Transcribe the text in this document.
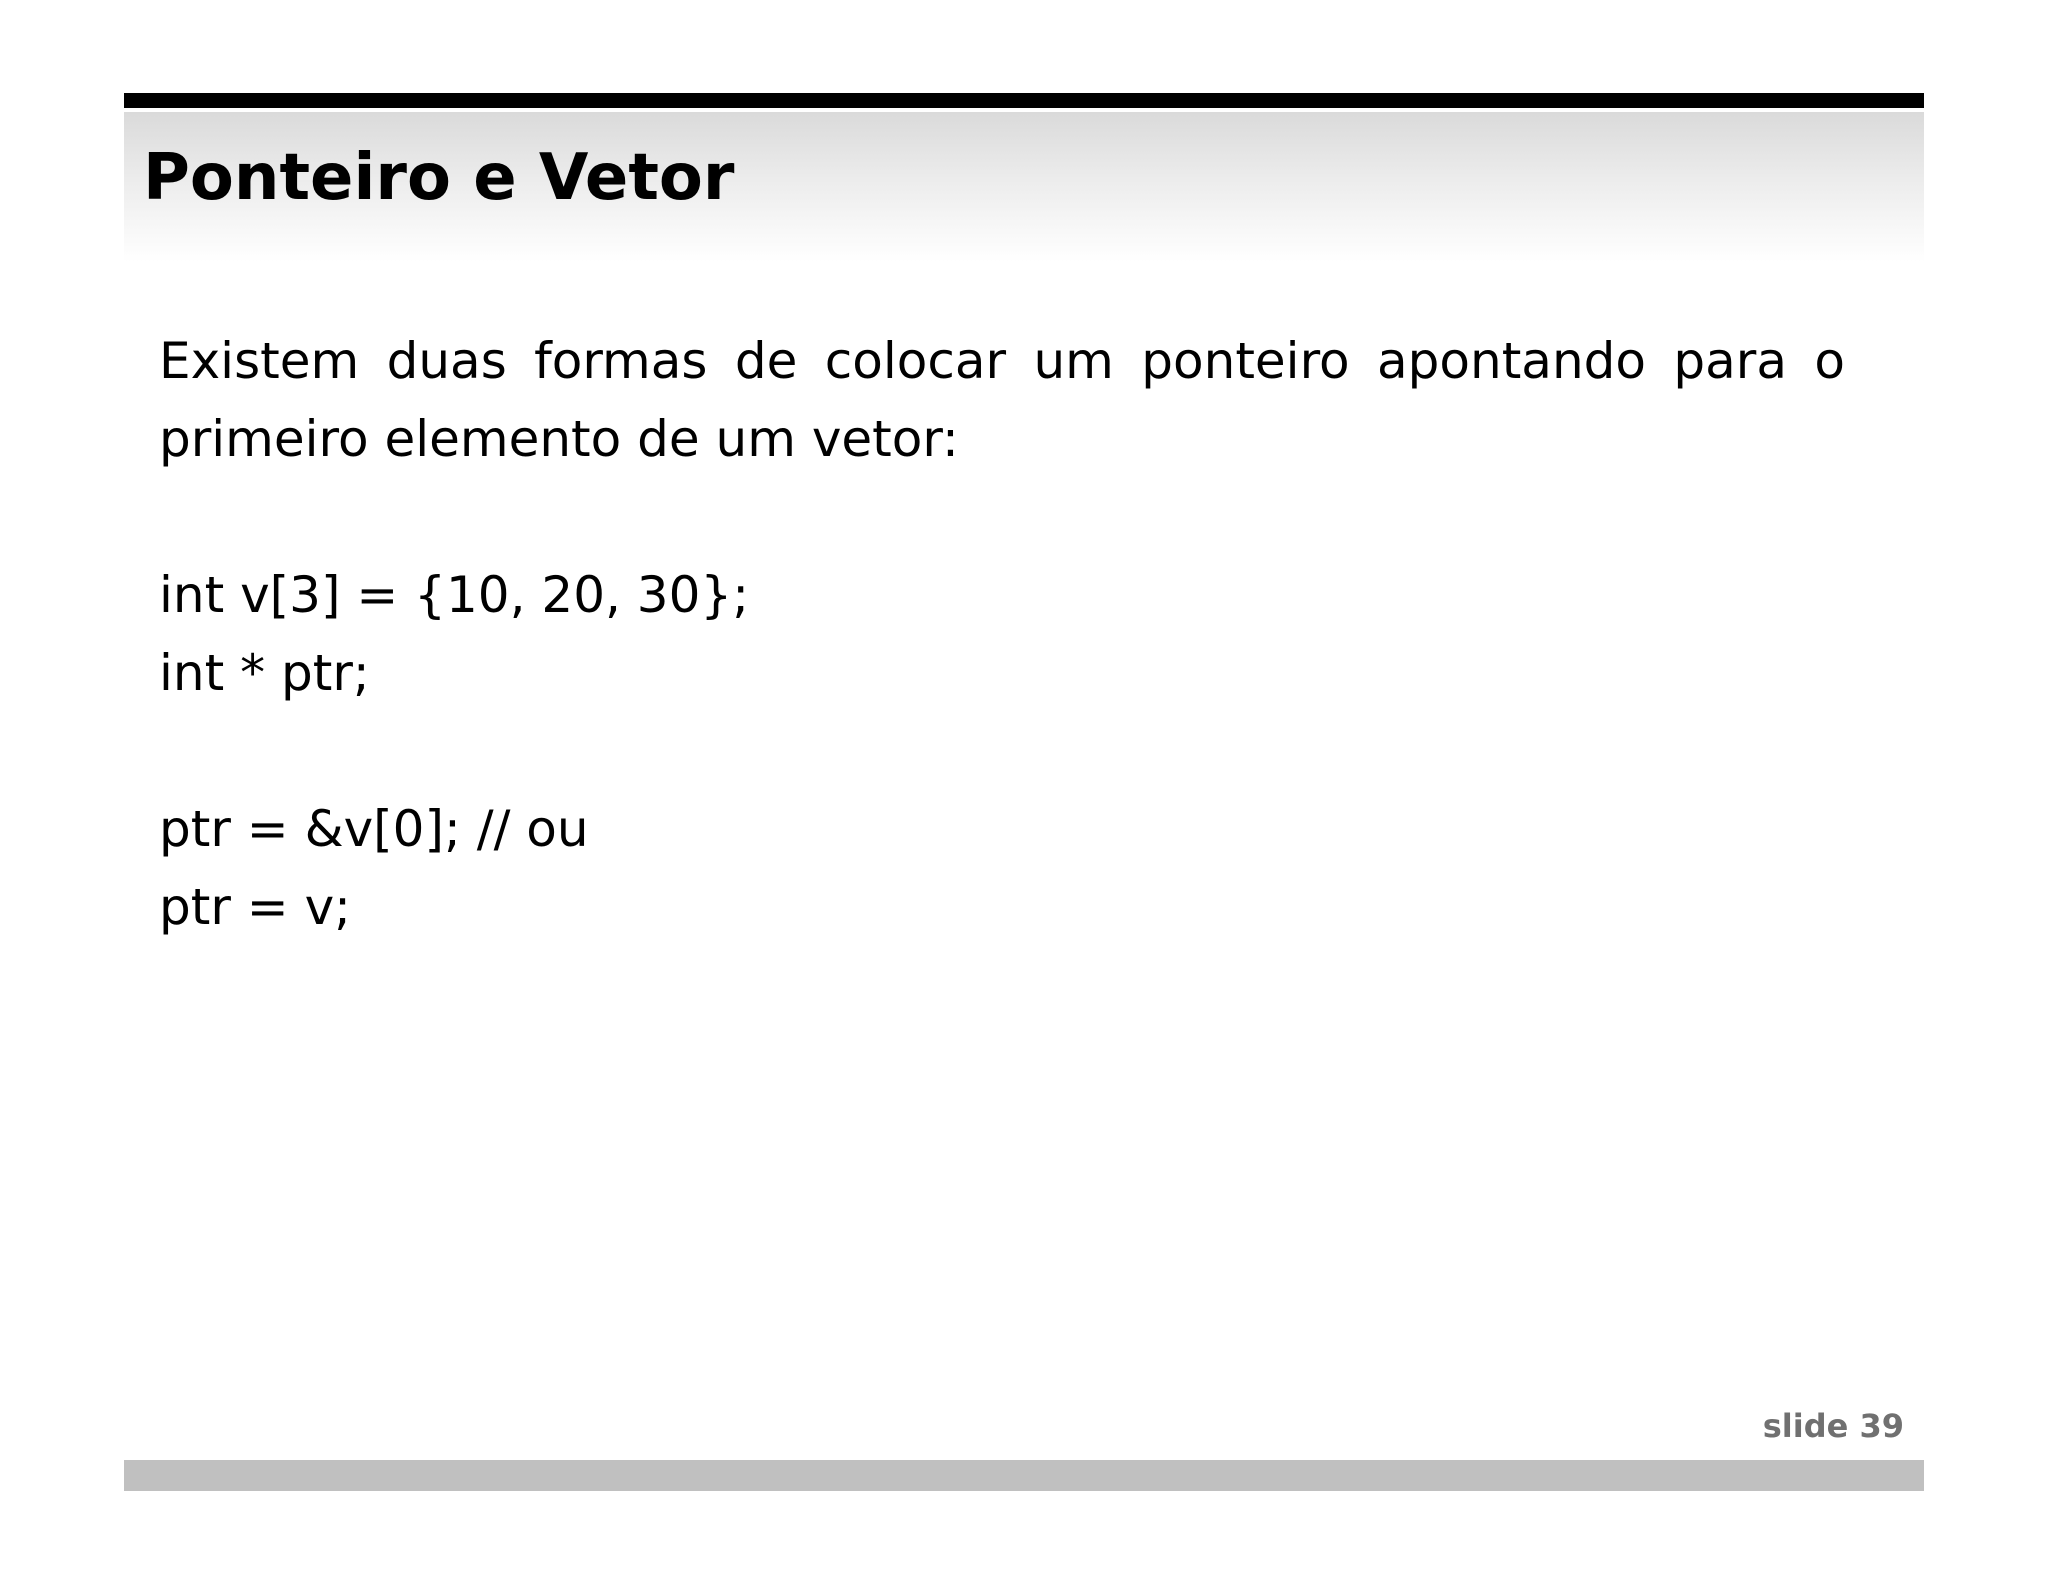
Ponteiro e Vetor

Existem duas formas de colocar um ponteiro apontando para o primeiro elemento de um vetor:

int v[3] = {10, 20, 30};
int * ptr;
ptr = &v[0]; // ou
ptr = v;
slide 39
